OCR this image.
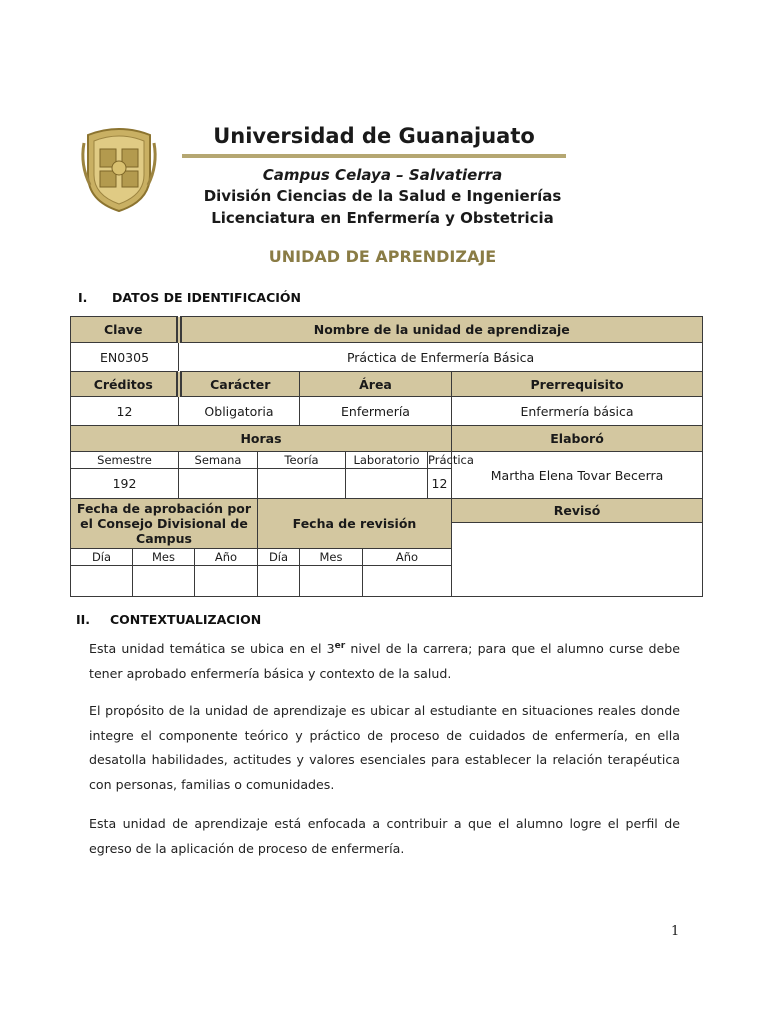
Universidad de Guanajuato
Campus Celaya – Salvatierra
División Ciencias de la Salud e Ingenierías
Licenciatura en Enfermería y Obstetricia
UNIDAD DE APRENDIZAJE
I. DATOS DE IDENTIFICACIÓN
Clave		Nombre de la unidad de aprendizaje							
EN0305		Práctica de Enfermería Básica							
Créditos		Carácter			Área				Prerrequisito
12		Obligatoria			Enfermería				Enfermería básica
Horas									Elaboró
Semestre		Semana		Teoría		Laboratorio		Práctica	Martha Elena Tovar Becerra
192								12	
Fecha de aprobación por el Consejo Divisional de Campus				Fecha de revisión					Revisó

Día	Mes		Año	Día	Mes		Año		

II. CONTEXTUALIZACION
Esta unidad temática se ubica en el 3er nivel de la carrera; para que el alumno curse debe tener aprobado enfermería básica y contexto de la salud.
El propósito de la unidad de aprendizaje es ubicar al estudiante en situaciones reales donde integre el componente teórico y práctico de proceso de cuidados de enfermería, en ella desatolla habilidades, actitudes y valores esenciales para establecer la relación terapéutica con personas, familias o comunidades.
Esta unidad de aprendizaje está enfocada a contribuir a que el alumno logre el perfil de egreso de la aplicación de proceso de enfermería.
1
